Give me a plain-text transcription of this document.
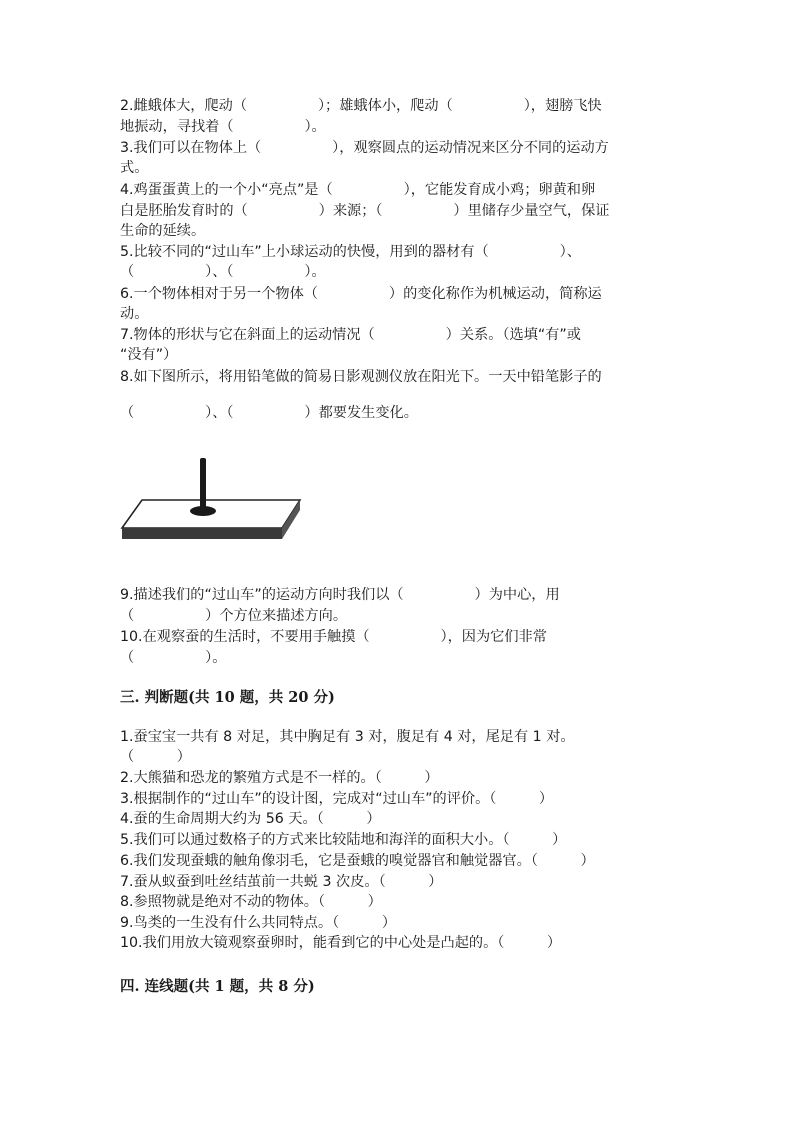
2.雌蛾体大，爬动（　　　　　）；雄蛾体小，爬动（　　　　　），翅膀飞快
地振动，寻找着（　　　　　）。
3.我们可以在物体上（　　　　　），观察圆点的运动情况来区分不同的运动方
式。
4.鸡蛋蛋黄上的一个小“亮点”是（　　　　　），它能发育成小鸡；卵黄和卵
白是胚胎发育时的（　　　　　）来源；（　　　　　）里储存少量空气，保证
生命的延续。
5.比较不同的“过山车”上小球运动的快慢，用到的器材有（　　　　　）、
（　　　　　）、（　　　　　）。
6.一个物体相对于另一个物体（　　　　　）的变化称作为机械运动，简称运
动。
7.物体的形状与它在斜面上的运动情况（　　　　　）关系。（选填“有”或
“没有”）
8.如下图所示，将用铅笔做的简易日影观测仪放在阳光下。一天中铅笔影子的
（　　　　　）、（　　　　　）都要发生变化。
9.描述我们的“过山车”的运动方向时我们以（　　　　　）为中心，用
（　　　　　）个方位来描述方向。
10.在观察蚕的生活时，不要用手触摸（　　　　　），因为它们非常
（　　　　　）。
三. 判断题(共 10 题，共 20 分)
1.蚕宝宝一共有 8 对足，其中胸足有 3 对，腹足有 4 对，尾足有 1 对。
（　　　）
2.大熊猫和恐龙的繁殖方式是不一样的。（　　　）
3.根据制作的“过山车”的设计图，完成对“过山车”的评价。（　　　）
4.蚕的生命周期大约为 56 天。（　　　）
5.我们可以通过数格子的方式来比较陆地和海洋的面积大小。（　　　）
6.我们发现蚕蛾的触角像羽毛，它是蚕蛾的嗅觉器官和触觉器官。（　　　）
7.蚕从蚁蚕到吐丝结茧前一共蜕 3 次皮。（　　　）
8.参照物就是绝对不动的物体。（　　　）
9.鸟类的一生没有什么共同特点。（　　　）
10.我们用放大镜观察蚕卵时，能看到它的中心处是凸起的。（　　　）
四. 连线题(共 1 题，共 8 分)
